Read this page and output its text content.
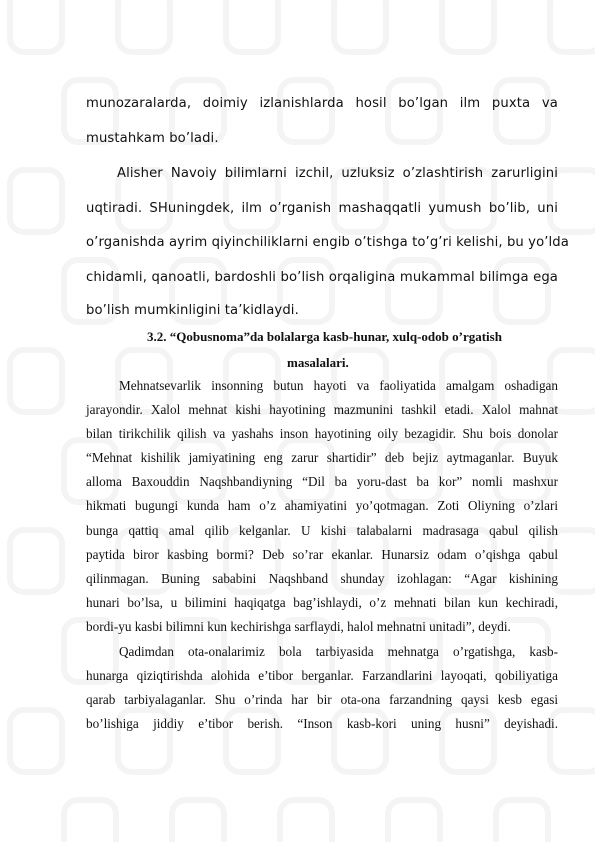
munozaralarda, doimiy izlanishlarda hosil bo’lgan ilm puxta va
mustahkam bo’ladi.
Alisher Navoiy bilimlarni izchil, uzluksiz o’zlashtirish zarurligini
uqtiradi. SHuningdek, ilm o’rganish mashaqqatli yumush bo’lib, uni
o’rganishda ayrim qiyinchiliklarni engib o’tishga to’g’ri kelishi, bu yo’lda
chidamli, qanoatli, bardoshli bo’lish orqaligina mukammal bilimga ega
bo’lish mumkinligini ta’kidlaydi.
3.2. “Qobusnoma”da bolalarga kasb-hunar, xulq-odob o’rgatish
masalalari.
Mehnatsevarlik insonning butun hayoti va faoliyatida amalgam oshadigan
jarayondir. Xalol mehnat kishi hayotining mazmunini tashkil etadi. Xalol mahnat
bilan tirikchilik qilish va yashahs inson hayotining oily bezagidir. Shu bois donolar
“Mehnat kishilik jamiyatining eng zarur shartidir” deb bejiz aytmaganlar. Buyuk
alloma Baxouddin Naqshbandiyning “Dil ba yoru-dast ba kor” nomli mashxur
hikmati bugungi kunda ham o’z ahamiyatini yo’qotmagan. Zoti Oliyning o’zlari
bunga qattiq amal qilib kelganlar. U kishi talabalarni madrasaga qabul qilish
paytida biror kasbing bormi? Deb so’rar ekanlar. Hunarsiz odam o’qishga qabul
qilinmagan. Buning sababini Naqshband shunday izohlagan: “Agar kishining
hunari bo’lsa, u bilimini haqiqatga bag’ishlaydi, o’z mehnati bilan kun kechiradi,
bordi-yu kasbi bilimni kun kechirishga sarflaydi, halol mehnatni unitadi”, deydi.
Qadimdan ota-onalarimiz bola tarbiyasida mehnatga o’rgatishga, kasb-
hunarga qiziqtirishda alohida e’tibor berganlar. Farzandlarini layoqati, qobiliyatiga
qarab tarbiyalaganlar. Shu o’rinda har bir ota-ona farzandning qaysi kesb egasi
bo’lishiga jiddiy e’tibor berish. “Inson kasb-kori uning husni” deyishadi.
